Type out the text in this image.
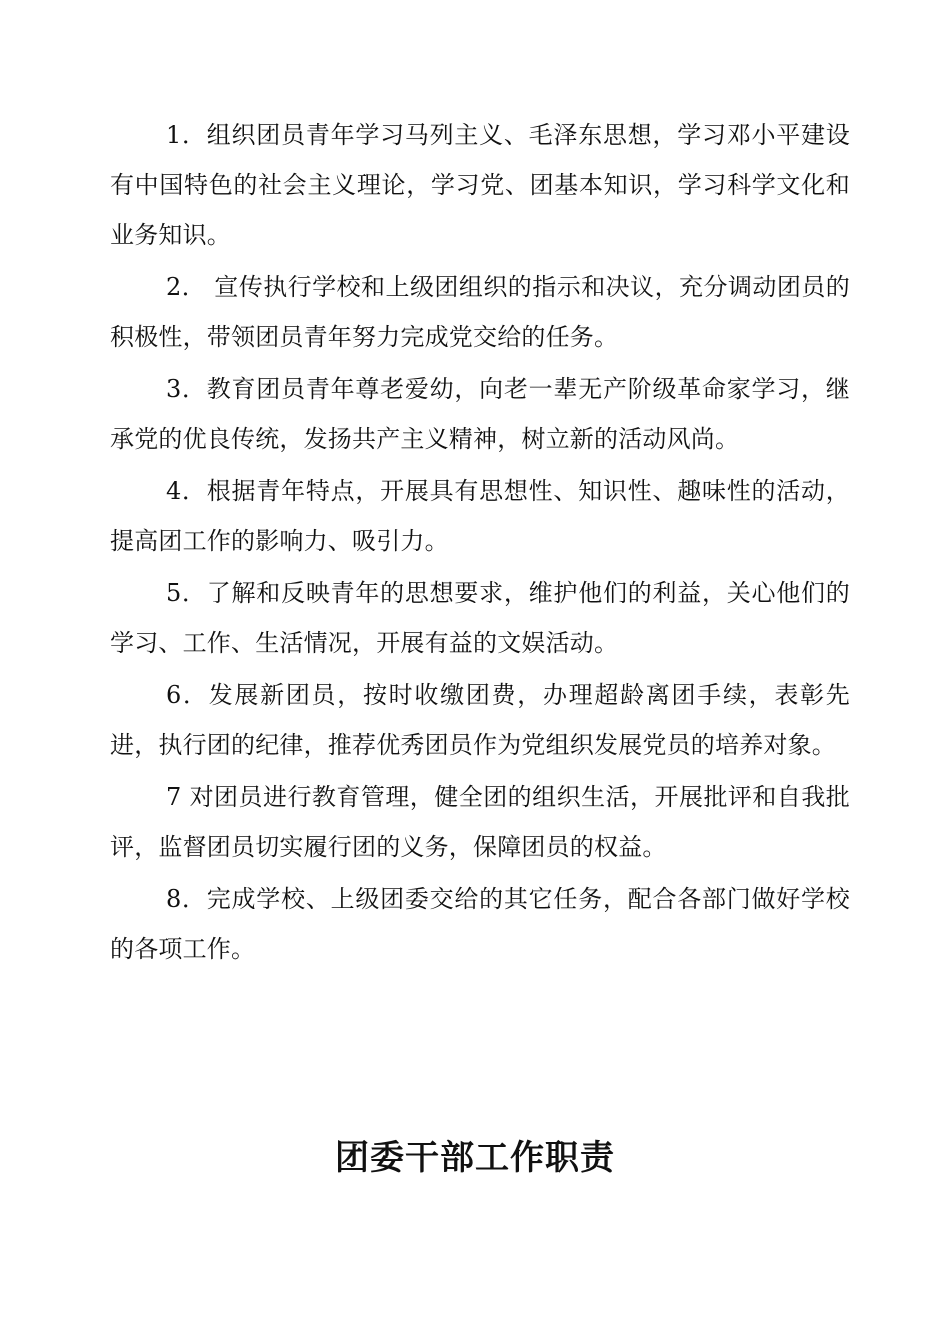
1．组织团员青年学习马列主义、毛泽东思想，学习邓小平建设有中国特色的社会主义理论，学习党、团基本知识，学习科学文化和业务知识。

2． 宣传执行学校和上级团组织的指示和决议，充分调动团员的积极性，带领团员青年努力完成党交给的任务。

3．教育团员青年尊老爱幼，向老一辈无产阶级革命家学习，继承党的优良传统，发扬共产主义精神，树立新的活动风尚。

4．根据青年特点，开展具有思想性、知识性、趣味性的活动，提高团工作的影响力、吸引力。

5．了解和反映青年的思想要求，维护他们的利益，关心他们的学习、工作、生活情况，开展有益的文娱活动。

6．发展新团员，按时收缴团费，办理超龄离团手续，表彰先进，执行团的纪律，推荐优秀团员作为党组织发展党员的培养对象。

7 对团员进行教育管理，健全团的组织生活，开展批评和自我批评，监督团员切实履行团的义务，保障团员的权益。

8．完成学校、上级团委交给的其它任务，配合各部门做好学校的各项工作。

团委干部工作职责
